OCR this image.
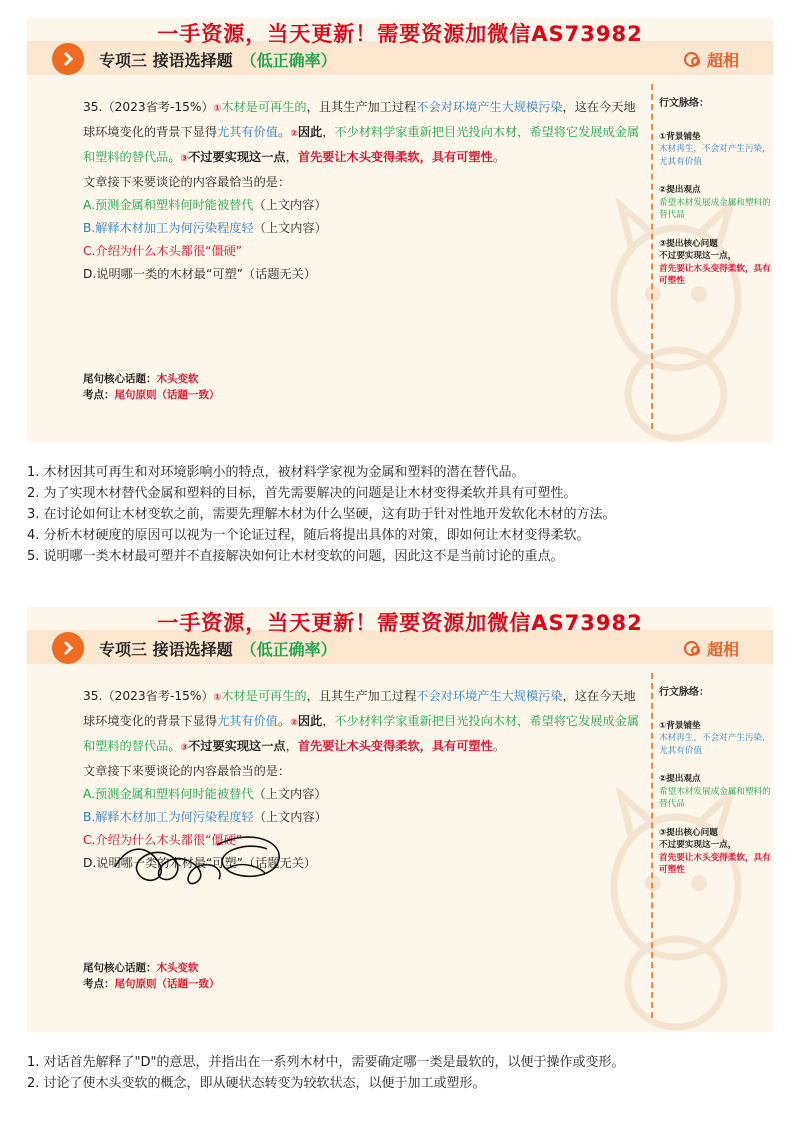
一手资源，当天更新！需要资源加微信AS73982
专项三 接语选择题 （低正确率）	超相

35.（2023省考-15%）①木材是可再生的，且其生产加工过程不会对环境产生大规模污染，这在今天地球环境变化的背景下显得尤其有价值。②因此，不少材料学家重新把目光投向木材，希望将它发展成金属和塑料的替代品。③不过要实现这一点，首先要让木头变得柔软，具有可塑性。

文章接下来要谈论的内容最恰当的是：

A.预测金属和塑料何时能被替代（上文内容）
B.解释木材加工为何污染程度轻（上文内容）
C.介绍为什么木头都很“僵硬”
D.说明哪一类的木材最“可塑”（话题无关）
尾句核心话题：木头变软
考点：尾句原则（话题一致）
行文脉络：
①背景铺垫
木材再生，不会对产生污染，尤其有价值
②提出观点
希望木材发展成金属和塑料的替代品
③提出核心问题
不过要实现这一点，
首先要让木头变得柔软，具有可塑性
1. 木材因其可再生和对环境影响小的特点，被材料学家视为金属和塑料的潜在替代品。
2. 为了实现木材替代金属和塑料的目标，首先需要解决的问题是让木材变得柔软并具有可塑性。
3. 在讨论如何让木材变软之前，需要先理解木材为什么坚硬，这有助于针对性地开发软化木材的方法。
4. 分析木材硬度的原因可以视为一个论证过程，随后将提出具体的对策，即如何让木材变得柔软。
5. 说明哪一类木材最可塑并不直接解决如何让木材变软的问题，因此这不是当前讨论的重点。
一手资源，当天更新！需要资源加微信AS73982
专项三 接语选择题 （低正确率）	超相

35.（2023省考-15%）①木材是可再生的，且其生产加工过程不会对环境产生大规模污染，这在今天地球环境变化的背景下显得尤其有价值。②因此，不少材料学家重新把目光投向木材，希望将它发展成金属和塑料的替代品。③不过要实现这一点，首先要让木头变得柔软，具有可塑性。

文章接下来要谈论的内容最恰当的是：

A.预测金属和塑料何时能被替代（上文内容）
B.解释木材加工为何污染程度轻（上文内容）
C.介绍为什么木头都很“僵硬”
D.说明哪一类的木材最“可塑”（话题无关）
尾句核心话题：木头变软
考点：尾句原则（话题一致）
行文脉络：
①背景铺垫
木材再生，不会对产生污染，尤其有价值
②提出观点
希望木材发展成金属和塑料的替代品
③提出核心问题
不过要实现这一点，
首先要让木头变得柔软，具有可塑性
1. 对话首先解释了"D"的意思，并指出在一系列木材中，需要确定哪一类是最软的，以便于操作或变形。
2. 讨论了使木头变软的概念，即从硬状态转变为较软状态，以便于加工或塑形。
